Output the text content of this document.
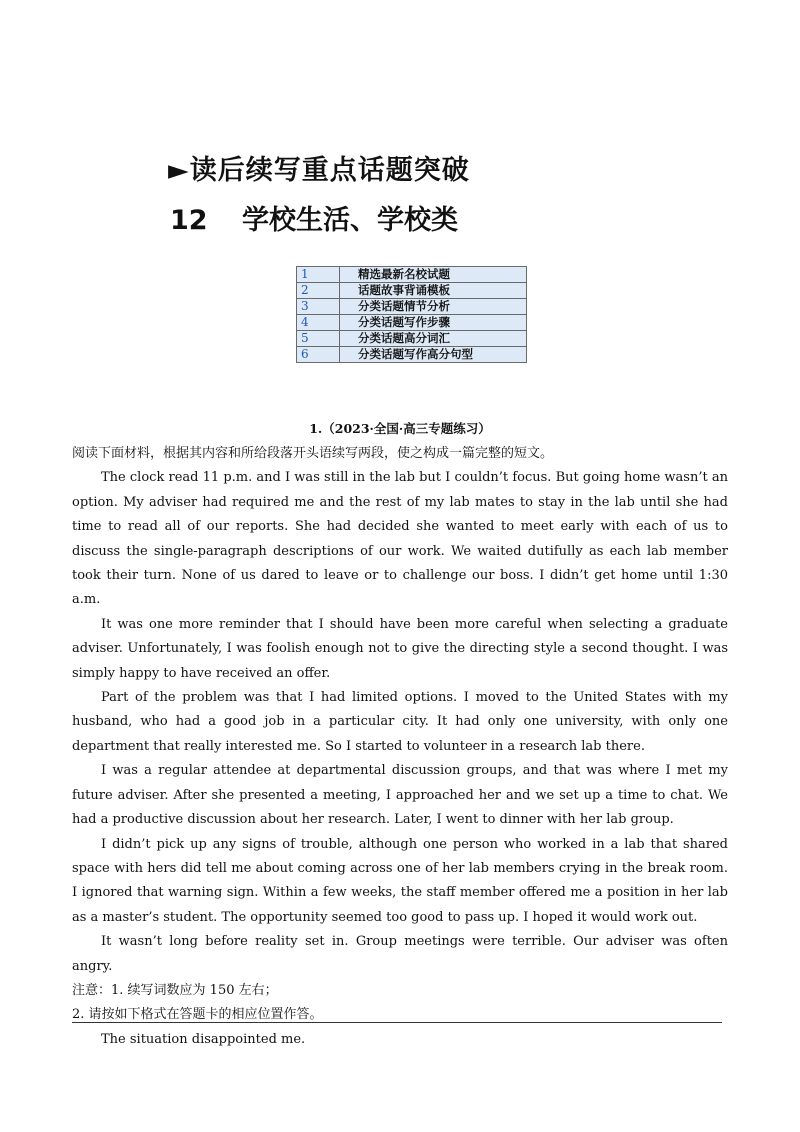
►读后续写重点话题突破
12 学校生活、学校类
1	精选最新名校试题
2	话题故事背诵模板
3	分类话题情节分析
4	分类话题写作步骤
5	分类话题高分词汇
6	分类话题写作高分句型
1.（2023·全国·高三专题练习）

阅读下面材料，根据其内容和所给段落开头语续写两段，使之构成一篇完整的短文。

The clock read 11 p.m. and I was still in the lab but I couldn’t focus. But going home wasn’t an option. My adviser had required me and the rest of my lab mates to stay in the lab until she had time to read all of our reports. She had decided she wanted to meet early with each of us to discuss the single-paragraph descriptions of our work. We waited dutifully as each lab member took their turn. None of us dared to leave or to challenge our boss. I didn’t get home until 1:30 a.m.

It was one more reminder that I should have been more careful when selecting a graduate adviser. Unfortunately, I was foolish enough not to give the directing style a second thought. I was simply happy to have received an offer.

Part of the problem was that I had limited options. I moved to the United States with my husband, who had a good job in a particular city. It had only one university, with only one department that really interested me. So I started to volunteer in a research lab there.

I was a regular attendee at departmental discussion groups, and that was where I met my future adviser. After she presented a meeting, I approached her and we set up a time to chat. We had a productive discussion about her research. Later, I went to dinner with her lab group.

I didn’t pick up any signs of trouble, although one person who worked in a lab that shared space with hers did tell me about coming across one of her lab members crying in the break room. I ignored that warning sign. Within a few weeks, the staff member offered me a position in her lab as a master’s student. The opportunity seemed too good to pass up. I hoped it would work out.

It wasn’t long before reality set in. Group meetings were terrible. Our adviser was often angry.

注意：1. 续写词数应为 150 左右；

2. 请按如下格式在答题卡的相应位置作答。

The situation disappointed me.
